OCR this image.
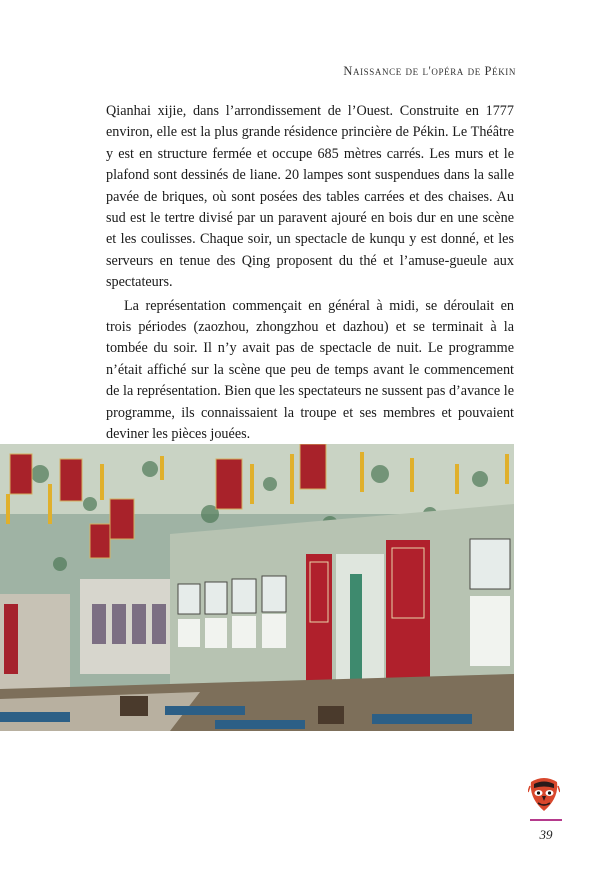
Naissance de l'opéra de Pékin

Qianhai xijie, dans l’arrondissement de l’Ouest. Construite en 1777 environ, elle est la plus grande résidence princière de Pékin. Le Théâtre y est en structure fermée et occupe 685 mètres carrés. Les murs et le plafond sont dessinés de liane. 20 lampes sont suspendues dans la salle pavée de briques, où sont posées des tables carrées et des chaises. Au sud est le tertre divisé par un paravent ajouré en bois dur en une scène et les coulisses. Chaque soir, un spectacle de kunqu y est donné, et les serveurs en tenue des Qing proposent du thé et l’amuse-gueule aux spectateurs.

La représentation commençait en général à midi, se déroulait en trois périodes (zaozhou, zhongzhou et dazhou) et se terminait à la tombée du soir. Il n’y avait pas de spectacle de nuit. Le programme n’était affiché sur la scène que peu de temps avant le commencement de la représentation. Bien que les spectateurs ne sussent pas d’avance le programme, ils connaissaient la troupe et ses membres et pouvaient deviner les pièces jouées.

39
